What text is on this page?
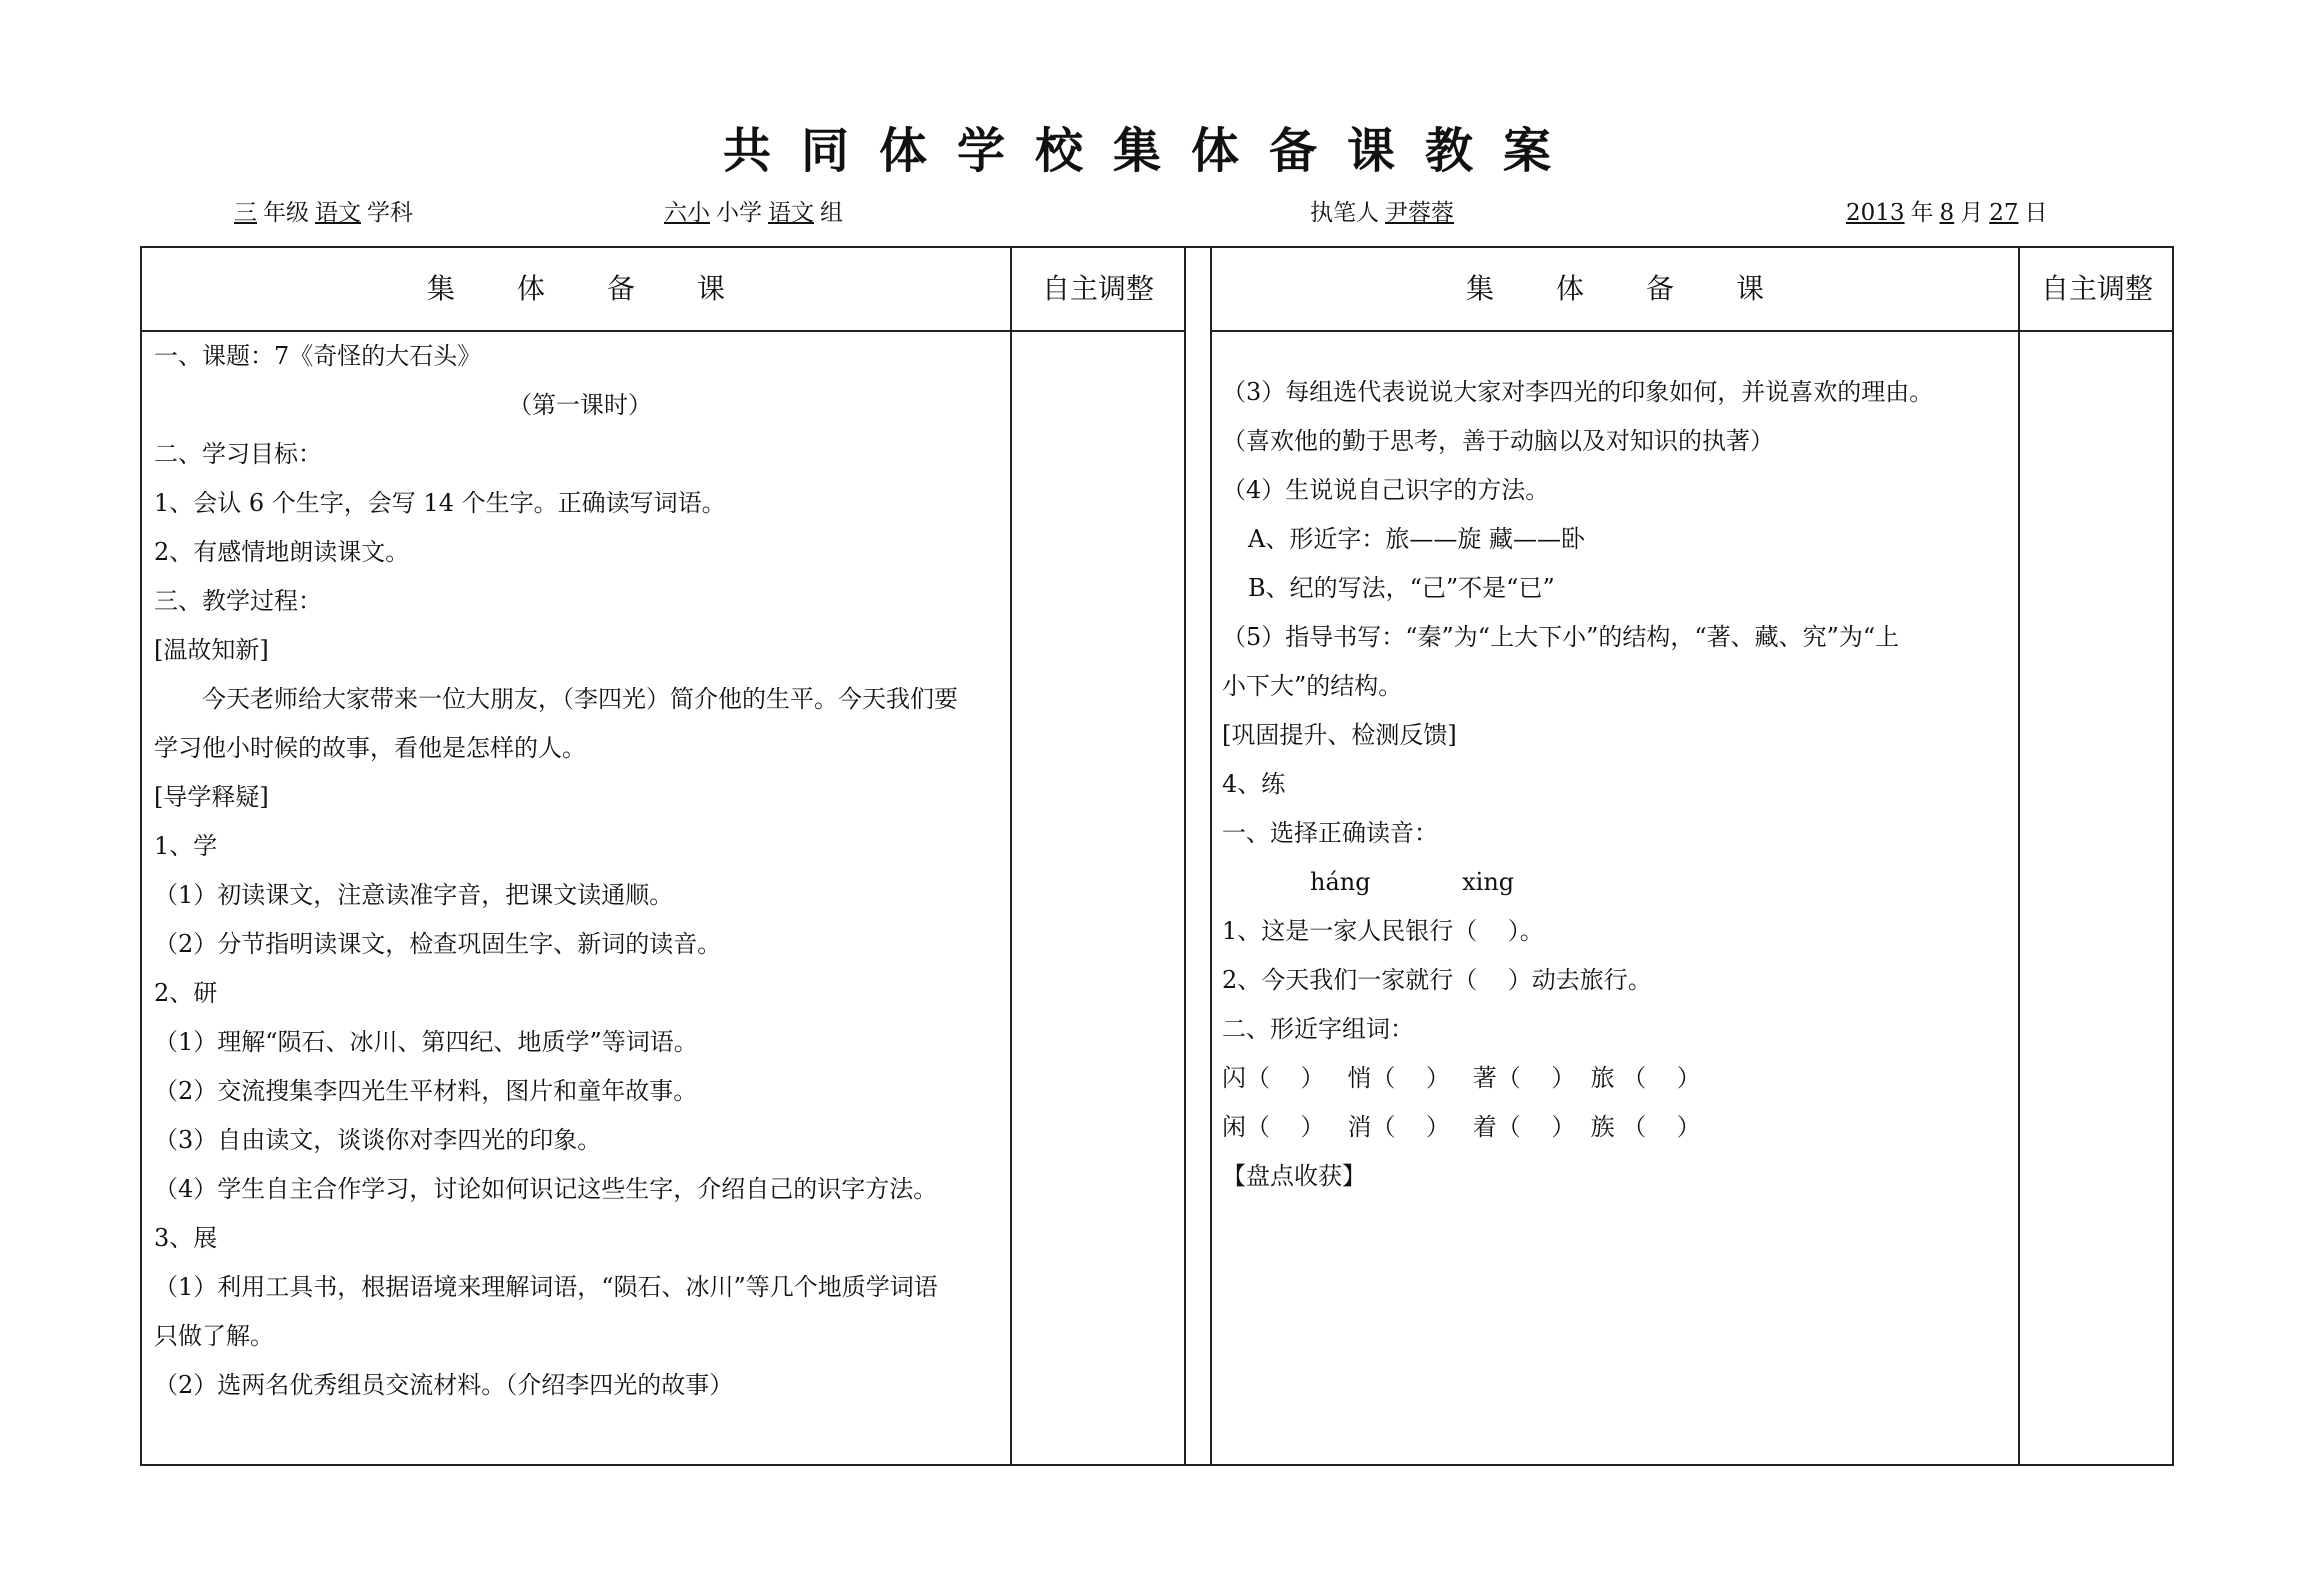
共同体学校集体备课教案
三 年级 语文 学科	六小 小学 语文 组	执笔人 尹蓉蓉	2013 年 8 月 27 日
集体备课	自主调整	集体备课	自主调整
一、课题：7《奇怪的大石头》
（第一课时）
二、学习目标：
1、会认 6 个生字，会写 14 个生字。正确读写词语。
2、有感情地朗读课文。
三、教学过程：
[温故知新]
今天老师给大家带来一位大朋友，（李四光）简介他的生平。今天我们要
学习他小时候的故事，看他是怎样的人。
[导学释疑]
1、学
（1）初读课文，注意读准字音，把课文读通顺。
（2）分节指明读课文，检查巩固生字、新词的读音。
2、研
（1）理解“陨石、冰川、第四纪、地质学”等词语。
（2）交流搜集李四光生平材料，图片和童年故事。
（3）自由读文，谈谈你对李四光的印象。
（4）学生自主合作学习，讨论如何识记这些生字，介绍自己的识字方法。
3、展
（1）利用工具书，根据语境来理解词语，“陨石、冰川”等几个地质学词语
只做了解。
（2）选两名优秀组员交流材料。（介绍李四光的故事）
（3）每组选代表说说大家对李四光的印象如何，并说喜欢的理由。
（喜欢他的勤于思考，善于动脑以及对知识的执著）
（4）生说说自己识字的方法。
A、形近字：旅——旋 藏——卧
B、纪的写法，“己”不是“已”
（5）指导书写：“秦”为“上大下小”的结构，“著、藏、究”为“上
小下大”的结构。
[巩固提升、检测反馈]
4、练
一、选择正确读音：
háng            xing
1、这是一家人民银行（    ）。
2、今天我们一家就行（    ）动去旅行。
二、形近字组词：
闪（    ）   悄（    ）   著（    ）  旅 （    ）
闲（    ）   消（    ）   着（    ）  族 （    ）
【盘点收获】
